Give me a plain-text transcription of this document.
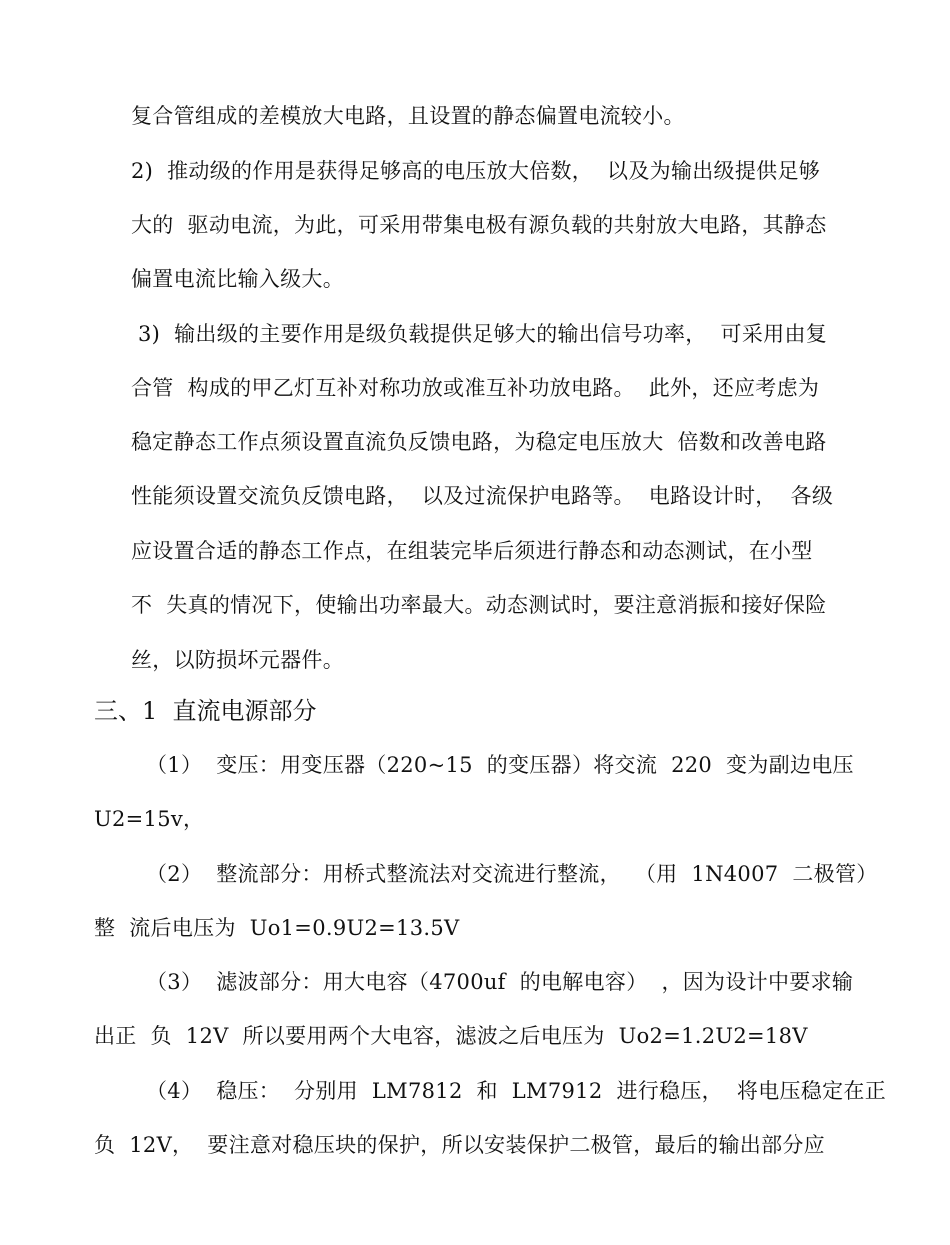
复合管组成的差模放大电路，且设置的静态偏置电流较小。
2)  推动级的作用是获得足够高的电压放大倍数，  以及为输出级提供足够
大的  驱动电流，为此，可采用带集电极有源负载的共射放大电路，其静态
偏置电流比输入级大。
3)  输出级的主要作用是级负载提供足够大的输出信号功率，  可采用由复
合管  构成的甲乙灯互补对称功放或准互补功放电路。  此外，还应考虑为
稳定静态工作点须设置直流负反馈电路，为稳定电压放大  倍数和改善电路
性能须设置交流负反馈电路，  以及过流保护电路等。  电路设计时，  各级
应设置合适的静态工作点，在组装完毕后须进行静态和动态测试，在小型
不  失真的情况下，使输出功率最大。动态测试时，要注意消振和接好保险
丝，以防损坏元器件。
三、1  直流电源部分
（1）  变压：用变压器（220~15  的变压器）将交流  220  变为副边电压
U2=15v，
（2）  整流部分：用桥式整流法对交流进行整流，  （用  1N4007  二极管）
整  流后电压为  Uo1=0.9U2=13.5V
（3）  滤波部分：用大电容（4700uf  的电解电容）  ，因为设计中要求输
出正  负  12V  所以要用两个大电容，滤波之后电压为  Uo2=1.2U2=18V
（4）  稳压：  分别用  LM7812  和  LM7912  进行稳压，  将电压稳定在正
负  12V，  要注意对稳压块的保护，所以安装保护二极管，最后的输出部分应
